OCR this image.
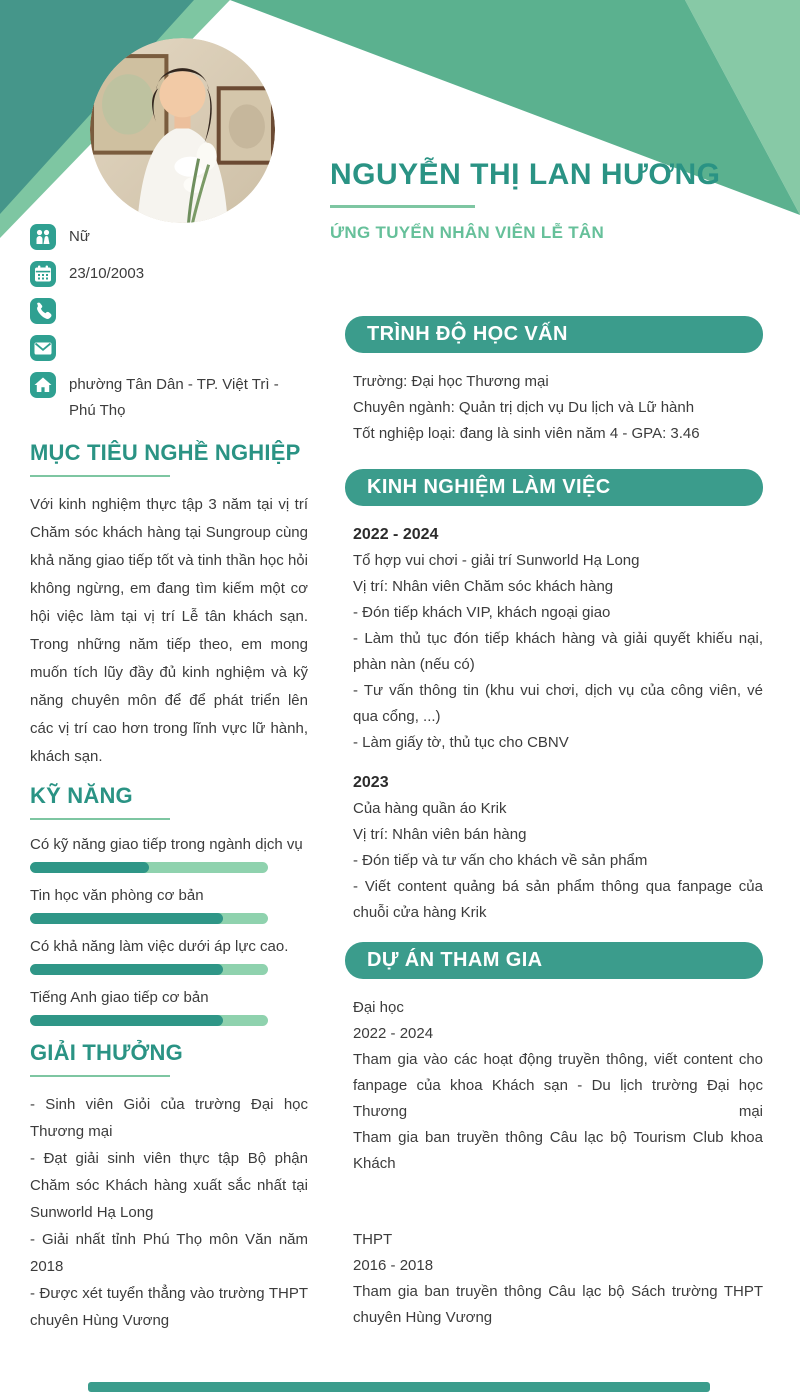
NGUYỄN THỊ LAN HƯƠNG
ỨNG TUYỂN NHÂN VIÊN LỄ TÂN
Nữ
23/10/2003
phường Tân Dân - TP. Việt Trì - Phú Thọ
MỤC TIÊU NGHỀ NGHIỆP

Với kinh nghiệm thực tập 3 năm tại vị trí Chăm sóc khách hàng tại Sungroup cùng khả năng giao tiếp tốt và tinh thần học hỏi không ngừng, em đang tìm kiếm một cơ hội việc làm tại vị trí Lễ tân khách sạn. Trong những năm tiếp theo, em mong muốn tích lũy đầy đủ kinh nghiệm và kỹ năng chuyên môn để để phát triển lên các vị trí cao hơn trong lĩnh vực lữ hành, khách sạn.

KỸ NĂNG
Có kỹ năng giao tiếp trong ngành dịch vụ
Tin học văn phòng cơ bản
Có khả năng làm việc dưới áp lực cao.
Tiếng Anh giao tiếp cơ bản
GIẢI THƯỞNG
- Sinh viên Giỏi của trường Đại học Thương mại
- Đạt giải sinh viên thực tập Bộ phận Chăm sóc Khách hàng xuất sắc nhất tại Sunworld Hạ Long
- Giải nhất tỉnh Phú Thọ môn Văn năm 2018
- Được xét tuyển thẳng vào trường THPT chuyên Hùng Vương
TRÌNH ĐỘ HỌC VẤN
Trường: Đại học Thương mại
Chuyên ngành: Quản trị dịch vụ Du lịch và Lữ hành
Tốt nghiệp loại: đang là sinh viên năm 4 - GPA: 3.46
KINH NGHIỆM LÀM VIỆC
2022 - 2024
Tổ hợp vui chơi - giải trí Sunworld Hạ Long
Vị trí: Nhân viên Chăm sóc khách hàng
- Đón tiếp khách VIP, khách ngoại giao
- Làm thủ tục đón tiếp khách hàng và giải quyết khiếu nại, phàn nàn (nếu có)
- Tư vấn thông tin (khu vui chơi, dịch vụ của công viên, vé qua cổng, ...)
- Làm giấy tờ, thủ tục cho CBNV
2023
Của hàng quần áo Krik
Vị trí: Nhân viên bán hàng
- Đón tiếp và tư vấn cho khách về sản phẩm
- Viết content quảng bá sản phẩm thông qua fanpage của chuỗi cửa hàng Krik
DỰ ÁN THAM GIA
Đại học
2022 - 2024
Tham gia vào các hoạt động truyền thông, viết content cho fanpage của khoa Khách sạn - Du lịch trường Đại học Thương mại
Tham gia ban truyền thông Câu lạc bộ Tourism Club khoa Khách
THPT
2016 - 2018
Tham gia ban truyền thông Câu lạc bộ Sách trường THPT chuyên Hùng Vương
